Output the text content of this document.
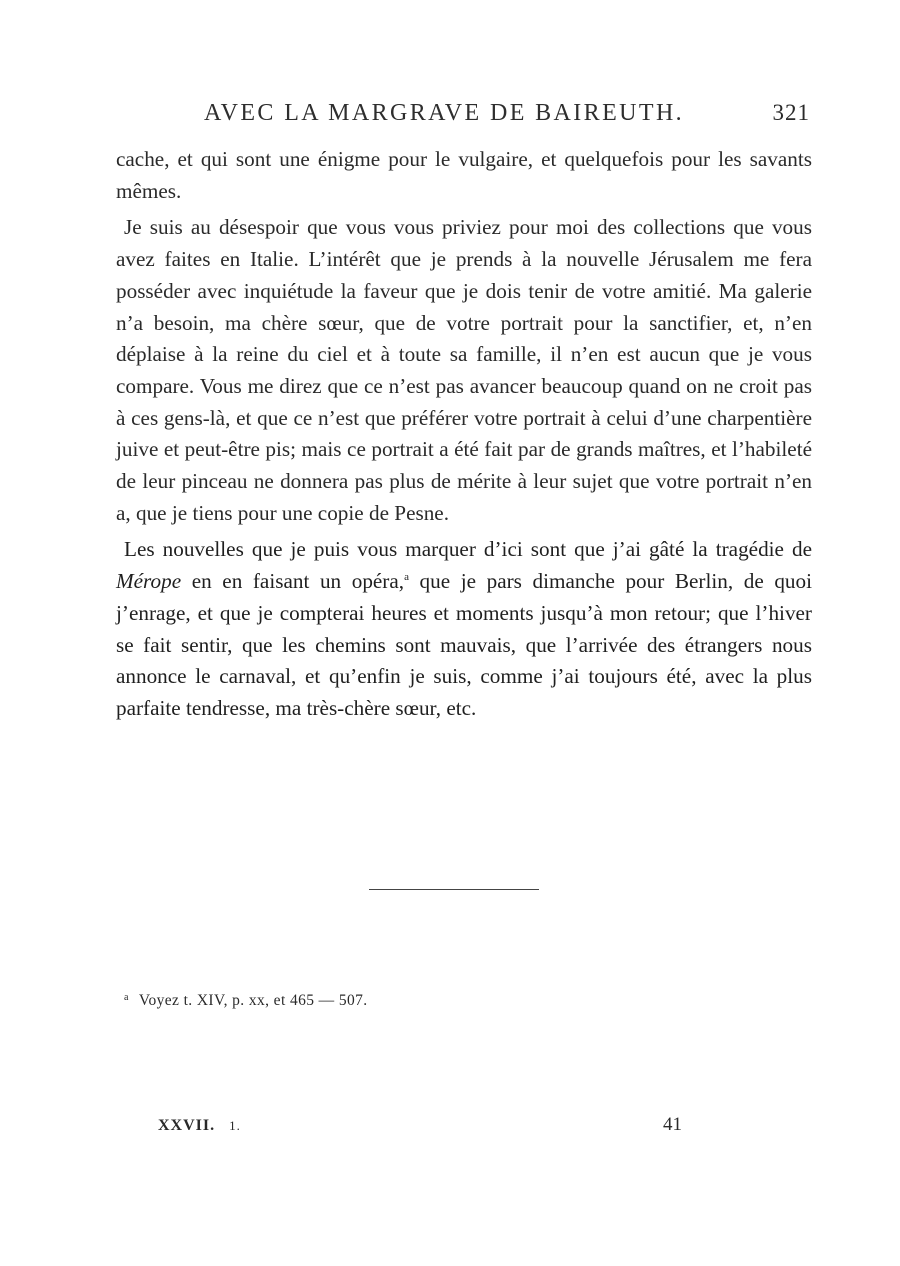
AVEC LA MARGRAVE DE BAIREUTH.	321

cache, et qui sont une énigme pour le vulgaire, et quelquefois pour les savants mêmes.

Je suis au désespoir que vous vous priviez pour moi des collections que vous avez faites en Italie. L’intérêt que je prends à la nouvelle Jérusalem me fera posséder avec inquiétude la faveur que je dois tenir de votre amitié. Ma galerie n’a besoin, ma chère sœur, que de votre portrait pour la sanctifier, et, n’en déplaise à la reine du ciel et à toute sa famille, il n’en est aucun que je vous compare. Vous me direz que ce n’est pas avancer beaucoup quand on ne croit pas à ces gens-là, et que ce n’est que préférer votre portrait à celui d’une charpentière juive et peut-être pis; mais ce portrait a été fait par de grands maîtres, et l’habileté de leur pinceau ne donnera pas plus de mérite à leur sujet que votre portrait n’en a, que je tiens pour une copie de Pesne.

Les nouvelles que je puis vous marquer d’ici sont que j’ai gâté la tragédie de Mérope en en faisant un opéra,$^a$ que je pars dimanche pour Berlin, de quoi j’enrage, et que je compterai heures et moments jusqu’à mon retour; que l’hiver se fait sentir, que les chemins sont mauvais, que l’arrivée des étrangers nous annonce le carnaval, et qu’enfin je suis, comme j’ai toujours été, avec la plus parfaite tendresse, ma très-chère sœur, etc.

$^a$ Voyez t. XIV, p. xx, et 465 — 507.
XXVII. 1.	41
